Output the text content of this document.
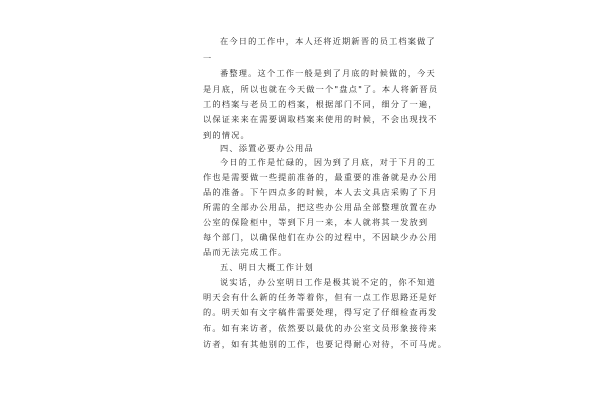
在今日的工作中，本人还将近期新晋的员工档案做了
一
番整理。这个工作一般是到了月底的时候做的，今天
是月底，所以也就在今天做一个"盘点"了。本人将新晋员
工的档案与老员工的档案，根据部门不同，细分了一遍，
以保证来来在需要调取档案来使用的时候，不会出现找不
到的情况。
四、添置必要办公用品
今日的工作是忙碌的，因为到了月底，对于下月的工
作也是需要做一些提前准备的，最重要的准备就是办公用
品的准备。下午四点多的时候，本人去文具店采购了下月
所需的全部办公用品，把这些办公用品全部整理放置在办
公室的保险柜中，等到下月一来，本人就将其一发放到
每个部门，以确保他们在办公的过程中，不因缺少办公用
品而无法完成工作。
五、明日大概工作计划
说实话，办公室明日工作是极其说不定的，你不知道
明天会有什么新的任务等着你，但有一点工作思路还是好
的。明天如有文字稿件需要处理，得写定了仔细检查再发
布。如有来访者，依然要以最优的办公室文员形象接待来
访者，如有其他别的工作，也要记得耐心对待，不可马虎。
